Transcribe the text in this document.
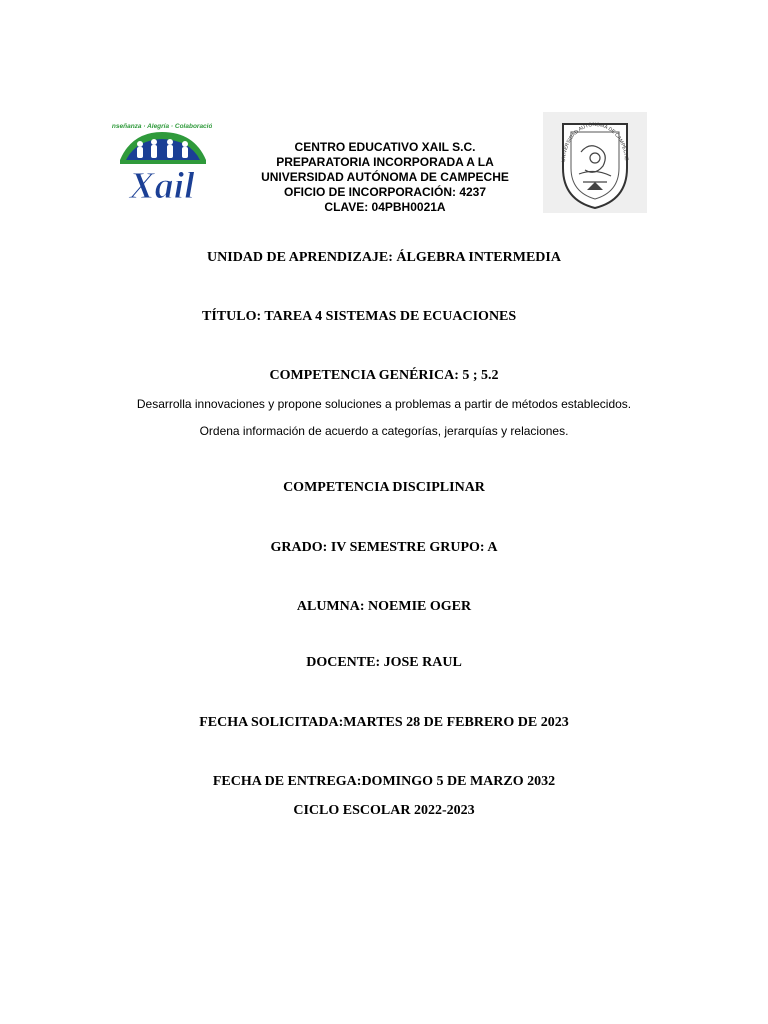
Enseñanza · Alegría · Colaboración
Xail
CENTRO EDUCATIVO XAIL S.C.
PREPARATORIA INCORPORADA A LA
UNIVERSIDAD AUTÓNOMA DE CAMPECHE
OFICIO DE INCORPORACIÓN: 4237
CLAVE: 04PBH0021A
UNIVERSIDAD AUTÓNOMA DE CAMPECHE
UNIDAD DE APRENDIZAJE: ÁLGEBRA INTERMEDIA
TÍTULO: TAREA 4 SISTEMAS DE ECUACIONES
COMPETENCIA GENÉRICA: 5 ; 5.2
Desarrolla innovaciones y propone soluciones a problemas a partir de métodos establecidos.
Ordena información de acuerdo a categorías, jerarquías y relaciones.
COMPETENCIA DISCIPLINAR
GRADO: IV SEMESTRE GRUPO: A
ALUMNA: NOEMIE OGER
DOCENTE: JOSE RAUL
FECHA SOLICITADA:MARTES 28 DE FEBRERO DE 2023
FECHA DE ENTREGA:DOMINGO 5 DE MARZO 2032
CICLO ESCOLAR 2022-2023
